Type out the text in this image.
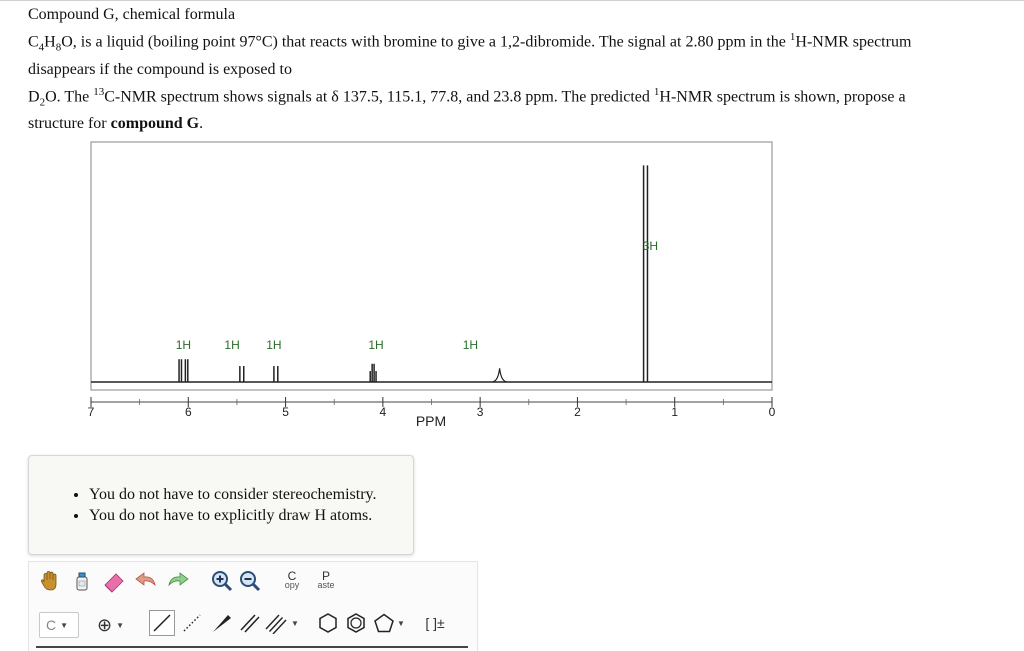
Compound G, chemical formula

$C_4H_8O$, is a liquid (boiling point 97°C) that reacts with bromine to give a 1,2-dibromide. The signal at 2.80 ppm in the $^1$H-NMR spectrum

disappears if the compound is exposed to

$D_2O$. The $^{13}$C-NMR spectrum shows signals at δ 137.5, 115.1, 77.8, and 23.8 ppm. The predicted $^1$H-NMR spectrum is shown, propose a

structure for compound G.

7	6	5	4	3	2	1	0
1H	1H 1H	1H	1H
3H
PPM
• You do not have to consider stereochemistry.
• You do not have to explicitly draw H atoms.
C
opy
P
aste
C ▼ ⊕ ▼	▼	▼ [ ]±
